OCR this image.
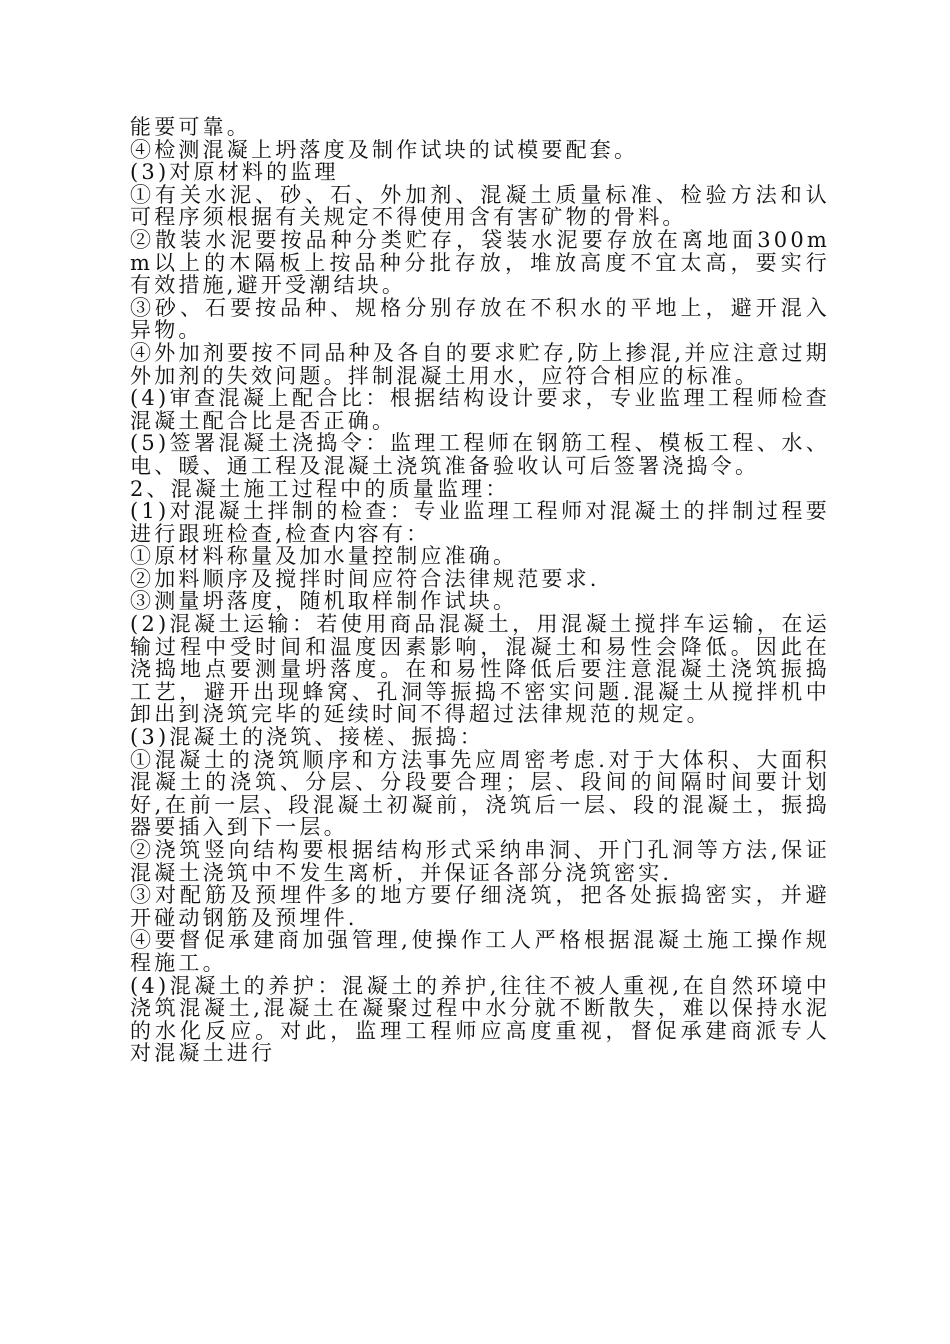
能要可靠。

④检测混凝上坍落度及制作试块的试模要配套。

(3)对原材料的监理

①有关水泥、砂、石、外加剂、混凝土质量标准、检验方法和认可程序须根据有关规定不得使用含有害矿物的骨料。

②散装水泥要按品种分类贮存，袋装水泥要存放在离地面300mm以上的木隔板上按品种分批存放，堆放高度不宜太高，要实行有效措施,避开受潮结块。

③砂、石要按品种、规格分别存放在不积水的平地上，避开混入异物。

④外加剂要按不同品种及各自的要求贮存,防上掺混,并应注意过期外加剂的失效问题。拌制混凝土用水，应符合相应的标准。

(4)审查混凝上配合比：根据结构设计要求，专业监理工程师检查混凝土配合比是否正确。

(5)签署混凝土浇捣令：监理工程师在钢筋工程、模板工程、水、电、暖、通工程及混凝土浇筑准备验收认可后签署浇捣令。

2、混凝土施工过程中的质量监理：

(1)对混凝土拌制的检查：专业监理工程师对混凝土的拌制过程要进行跟班检查,检查内容有：

①原材料称量及加水量控制应准确。

②加料顺序及搅拌时间应符合法律规范要求.

③测量坍落度，随机取样制作试块。

(2)混凝土运输：若使用商品混凝土，用混凝土搅拌车运输，在运输过程中受时间和温度因素影响，混凝土和易性会降低。因此在浇捣地点要测量坍落度。在和易性降低后要注意混凝土浇筑振捣工艺，避开出现蜂窝、孔洞等振捣不密实问题.混凝土从搅拌机中卸出到浇筑完毕的延续时间不得超过法律规范的规定。

(3)混凝土的浇筑、接槎、振捣：

①混凝土的浇筑顺序和方法事先应周密考虑.对于大体积、大面积混凝土的浇筑、分层、分段要合理；层、段间的间隔时间要计划好,在前一层、段混凝土初凝前，浇筑后一层、段的混凝土，振捣器要插入到下一层。

②浇筑竖向结构要根据结构形式采纳串洞、开门孔洞等方法,保证混凝土浇筑中不发生离析，并保证各部分浇筑密实.

③对配筋及预埋件多的地方要仔细浇筑，把各处振捣密实，并避开碰动钢筋及预埋件.

④要督促承建商加强管理,使操作工人严格根据混凝土施工操作规程施工。

(4)混凝土的养护：混凝土的养护,往往不被人重视,在自然环境中浇筑混凝土,混凝土在凝聚过程中水分就不断散失，难以保持水泥的水化反应。对此，监理工程师应高度重视，督促承建商派专人对混凝土进行
